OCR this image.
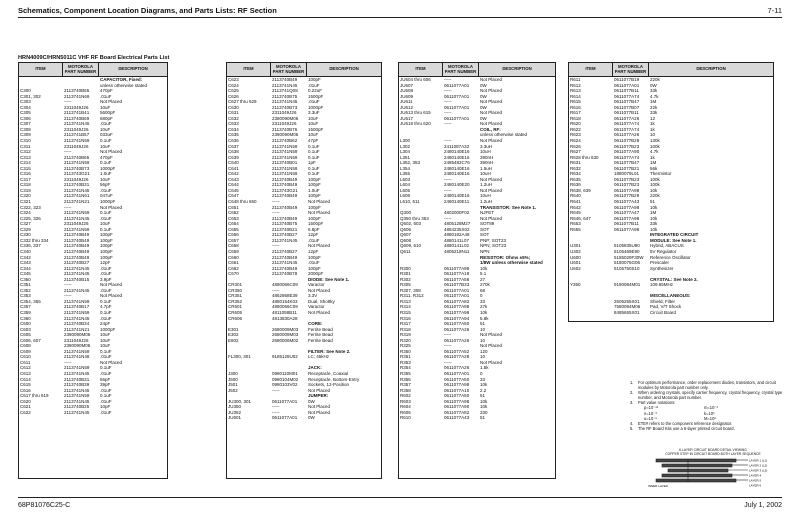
Schematics, Component Location Diagrams, and Parts Lists: RF Section	7-11
HRN4009C/HRN5011C VHF RF Board Electrical Parts List
ITEM	MOTOROLA PART NUMBER	DESCRIPTION
CAPACITOR, Fixed:
unless otherwise stated
C300	2113740B65	470pF
C301, 302	2113741N69	.01uF
C303	-----	Not Placed
C304	2311049J26	10uF
C305	2113741B41	5600pF
C306	2113740B69	680pF
C307	2113741N45	.01uF
C308	2311049J26	10uF
C309	2113741B57	033uF
C310	2113741N59	0.1uF
C311	2311049J26	10uF
C312	-----	Not Placed
C313	2113740B65	470pF
C314	2113741N59	0.1uF
C315	2113740B73	1000pF
C316	2113743G21	1.0uF
C317	2311049J26	10uF
C318	2113740B31	56pF
C319	2113741N45	.01uF
C320	2113741N61	047uF
C321	2113741N21	1000pF
C322, 323	-----	Not Placed
C324	2113741N59	0.1uF
C325, 326	2113741N45	.01uF
C327	2311049J26	10uF
C329	2113741N59	0.1uF
C330	2113740B49	100pF
C332 thru 334	2113740B49	100pF
C336, 337	2113740B49	100pF
C340	2113740B49	100pF
C342	2113740B49	100pF
C343	2113740B27	12pF
C344	2113741N45	.01uF
C345	2113741N45	.01uF
C350	2113740B15	3.9pF
C351	-----	Not Placed
C352	2113741N45	.01uF
C353	-----	Not Placed
C354, 355	2113741N59	0.1uF
C357	2113740B17	4.7pF
C359	2113741N59	0.1uF
C360	2113741N45	.01uF
C600	2113740B34	24pF
C603	2113741N21	1000pF
C605	2380090M06	10uF
C606, 607	2311049J26	10uF
C608	2380090M06	10uF
C609	2113741N59	0.1uF
C610	2113741N48	.01uF
C611	-----	Not Placed
C612	2113741N59	0.1uF
C613	2113741N45	.01uF
C614	2113740B31	56pF
C615	2113740B39	39pF
C616	2113741N45	.01uF
C617 thru 619	2113741N59	0.1uF
C620	2113741N45	.01uF
C621	2113740B25	10pF
C622	2113741N45	.01uF
ITEM	MOTOROLA PART NUMBER	DESCRIPTION
C623	2113740B49	100pF
C624	2113741N45	.01uF
C625	2113741Q08	0.22uF
C626	2113740B75	1500pF
C627 thru 629	2113741N45	.01uF
C630	2113740B73	1000pF
C631	2311049J26	3.3uF
C632	2380090M06	10uF
C633	2311049J26	10uF
C634	2113740B76	1500pF
C635	2380090M06	10uF
C636	2113740B62	47pF
C637	2113741N59	0.1uF
C638	2113741N59	0.1uF
C639	2113741N59	0.1uF
C640	2113740B01	1pF
C641	2113741N59	0.1uF
C642	2113741N59	0.1uF
C643	2113740B49	100pF
C644	2113740B49	100pF
C645	2113743G21	1.0uF
C647	2113740B49	100pF
C648 thru 650	-----	Not Placed
C651	2113740B49	100pF
C652	-----	Not Placed
C653	2113740B49	100pF
C654	2113740B75	1500pF
C655	2113740B21	6.8pF
C656	2113740B27	12pF
C657	2113741N45	.01uF
C658	-----	Not Placed
C659	2113740B27	12pF
C660	2113740B49	100pF
C661	2113741N45	.01uF
C662	2113740B49	100pF
C670	2113740B78	2000pF
DIODE: See Note 1.
CR301	4880066C09	Varactor
CR350	-----	Not Placed
CR351	4862868E39	3.3V
CR352	4880154K03	Dual, Shottky
CR601	4880066C09	Varactor
CR605	4811058B11	Not Placed
CR606	4813830A28
CORE:
E301	2680009M03	Ferrite Bead
E302	2680009M03	Ferrite Bead
E602	2680006M02	Ferrite Bead
FILTER: See Note 2.
FL300, 301	9185128U02	LC; 45kHz
JACK:
J300	0980110M01	Receptacle, Coaxial
J500	0980104M02	Receptacle, Bottom-Entry
J501	0980103V02	Sockets, 12-Position
J502	-----	Not Placed
JUMPER:
JU300, 301	0611077A01	0W
JU350	-----	Not Placed
JU352	-----	Not Placed
JU601	0611077A01	0W
ITEM	MOTOROLA PART NUMBER	DESCRIPTION
JU604 thru 606	-----	Not Placed
JU607	0611077A01	0W
JU608	-----	Not Placed
JU609	0611077A01	0W
JU611	-----	Not Placed
JU612	0611077A01	0W
JU613 thru 615	-----	Not Placed
JU617	0611077A01	0W
JU618 thru 620	-----	Not Placed
COIL, RF:
unless otherwise stated
L300	-----	Not Placed
L302	2411087A32	3.3uH
L304	2480140E16	10uH
L351	2480140E16	390nH
L352, 353	2485482C76	390nH
L354	2480140E16	1.5uH
L355	2480140E16	10uH
L603	-----	Not Placed
L604	2480140E20	1.2uH
L605	-----	Not Placed
L608	2480140E16	10uH
L610, 611	2480140E11	1.2uH
TRANSISTOR: See Note 1.
Q300	4802000F02	NJFET
Q350 thru 353	-----	Not Placed
Q602, 603	4805128M27	SOT89
Q606	4884235X02	SOT
Q607	4880182A48	SOT
Q608	4880141L07	PNP; SOT23
Q609, 610	4880141L02	NPN; SOT23
Q611	4805218N11	NPN
RESISTOR: Ohms ±5%;
1/8W unless otherwise stated
R300	0611077A98	10k
R301	0611077A18	5.1
R302	0611077A58	27
R305	0611077B33	270k
R307, 308	0611077A01	68
R311, R312	0611077A01	0
R313	0611077A82	33
R314	0611077A98	27k
R315	0611077A98	10k
R316	0611077A94	6.8k
R317	0611077A50	51
R318	0611077A26	10
R319	-----	Not Placed
R320	0611077A26	10
R325	-----	Not Placed
R350	0611077A52	120
R351	0611077A28	10
R353	-----	Not Placed
R354	0611077A26	1.5k
R355	0611077A01	0
R356	0611077A50	33
R357	0611077A98	10k
R358	0611077A10	2.2
R602	0611077A50	51
R603	0611077A98	10k
R604	0611077A90	10k
R606	0611077A82	330
R610	0611077A43	51
ITEM	MOTOROLA PART NUMBER	DESCRIPTION
R611	0611077B19	220k
R612	0611077A01	0W
R613	0611077B11	33k
R614	0611077A74	4.7k
R615	0611077B47	1M
R616	0611077B07	22k
R617	0611077B11	33k
R618	0611077A26	12
R620	0611077A74	1k
R622	0611077A74	1k
R623	0611077A26	10
R624	0611077B29	130k
R626	0611077B23	100k
R627	0611077A90	4.7k
R628 thru 630	0611077A74	1k
R631	0611077B47	1M
R632	0611077B21	56k
R634	1880079L01	Thermistor
R635	0611077B23	100k
R636	0611077B23	100k
R638, 639	0611077A98	10k
R640	0611077B29	220k
R641	0611077A43	51
R642	0611077A98	10k
R645	0611077A47	1M
R646, 647	0611077A98	10k
R653	0611077B11	33k
R655	0611077A98	10k
INTEGRATED CIRCUIT
MODULE: See Note 1.
U301	5105835U90	Hybrid, ABACUS
U302	5105469E90	5V Regulator
U600	5185029F30W	Reference Oscillator
U601	5180075G06	Prescaler
U602	5105750S10	Synthesizer
CRYSTAL: See Note 2.
Y350	9180084M01	109.65MHz
MISCELLANEOUS:
2605255X01	Shield, Filter
7580094M06	Pad, V/T Shock
8485655X01	Circuit Board
1.	For optimum performance, order replacement diodes, transistors, and circuit modules by Motorola part number only.
2.	When ordering crystals, specify carrier frequency, crystal frequency, crystal type number, and Motorola part number.
3.	Part value notations:
p=10⁻¹²	m=10⁻³
n=10⁻⁹	k=10³
u=10⁻⁶	M=10⁶
4.	ETE# refers to the component reference designator.
5.	The RF Board Kits use a 6-layer printed circuit board.
6-LAYER CIRCUIT BOARD DETAIL VIEWING
COPPER STEP IN CIRCUIT BOARD BOTH LAYER SEQUENCE
LAYER 1 (L1)
LAYER 2 (L2)
LAYER 3 (L3)
LAYER 4
LAYER 5
LAYER 6
INNER LAYER
68P81076C25-C	July 1, 2002
